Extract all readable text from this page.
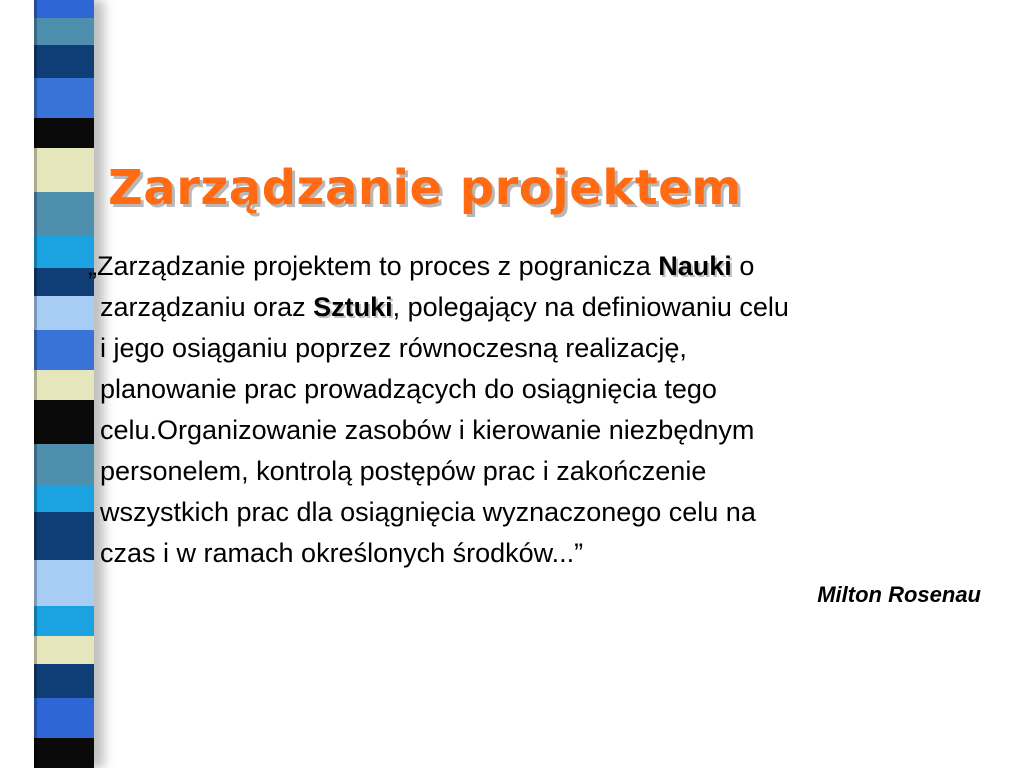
Zarządzanie projektem

„Zarządzanie projektem to proces z pogranicza Nauki o
zarządzaniu oraz Sztuki, polegający na definiowaniu celu
i jego osiąganiu poprzez równoczesną realizację,
planowanie prac prowadzących do osiągnięcia tego
celu.Organizowanie zasobów i kierowanie niezbędnym
personelem, kontrolą postępów prac i zakończenie
wszystkich prac dla osiągnięcia wyznaczonego celu na
czas i w ramach określonych środków...”

Milton Rosenau
